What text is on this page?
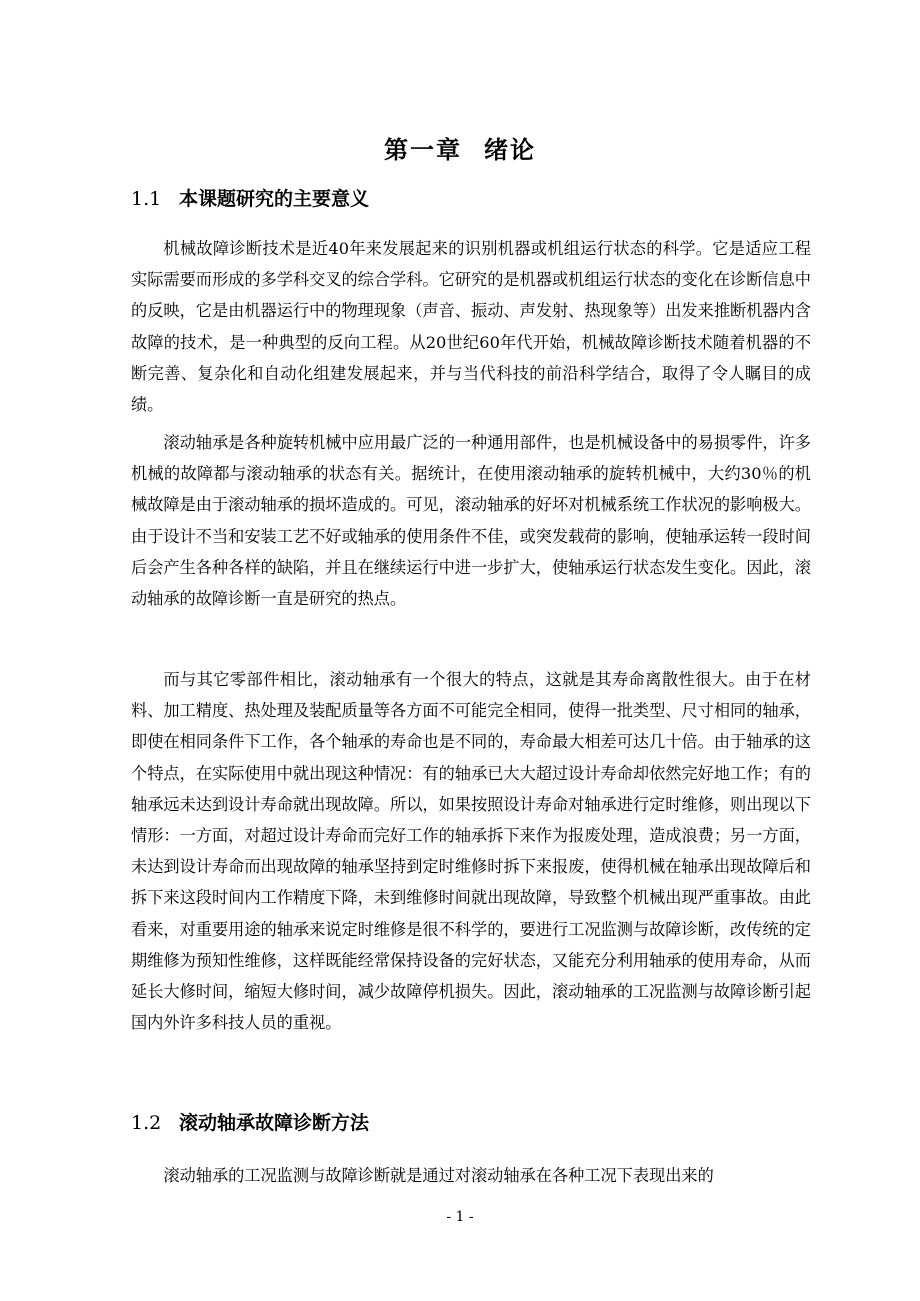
第一章 绪论
1.1 本课题研究的主要意义

机械故障诊断技术是近40年来发展起来的识别机器或机组运行状态的科学。它是适应工程实际需要而形成的多学科交叉的综合学科。它研究的是机器或机组运行状态的变化在诊断信息中的反映，它是由机器运行中的物理现象（声音、振动、声发射、热现象等）出发来推断机器内含故障的技术，是一种典型的反向工程。从20世纪60年代开始，机械故障诊断技术随着机器的不断完善、复杂化和自动化组建发展起来，并与当代科技的前沿科学结合，取得了令人瞩目的成绩。

滚动轴承是各种旋转机械中应用最广泛的一种通用部件，也是机械设备中的易损零件，许多机械的故障都与滚动轴承的状态有关。据统计，在使用滚动轴承的旋转机械中，大约30％的机械故障是由于滚动轴承的损坏造成的。可见，滚动轴承的好坏对机械系统工作状况的影响极大。由于设计不当和安装工艺不好或轴承的使用条件不佳，或突发载荷的影响，使轴承运转一段时间后会产生各种各样的缺陷，并且在继续运行中进一步扩大，使轴承运行状态发生变化。因此，滚动轴承的故障诊断一直是研究的热点。

而与其它零部件相比，滚动轴承有一个很大的特点，这就是其寿命离散性很大。由于在材料、加工精度、热处理及装配质量等各方面不可能完全相同，使得一批类型、尺寸相同的轴承，即使在相同条件下工作，各个轴承的寿命也是不同的，寿命最大相差可达几十倍。由于轴承的这个特点，在实际使用中就出现这种情况：有的轴承已大大超过设计寿命却依然完好地工作；有的轴承远未达到设计寿命就出现故障。所以，如果按照设计寿命对轴承进行定时维修，则出现以下情形：一方面，对超过设计寿命而完好工作的轴承拆下来作为报废处理，造成浪费；另一方面，未达到设计寿命而出现故障的轴承坚持到定时维修时拆下来报废，使得机械在轴承出现故障后和拆下来这段时间内工作精度下降，未到维修时间就出现故障，导致整个机械出现严重事故。由此看来，对重要用途的轴承来说定时维修是很不科学的，要进行工况监测与故障诊断，改传统的定期维修为预知性维修，这样既能经常保持设备的完好状态，又能充分利用轴承的使用寿命，从而延长大修时间，缩短大修时间，减少故障停机损失。因此，滚动轴承的工况监测与故障诊断引起国内外许多科技人员的重视。

1.2 滚动轴承故障诊断方法

滚动轴承的工况监测与故障诊断就是通过对滚动轴承在各种工况下表现出来的

- 1 -
